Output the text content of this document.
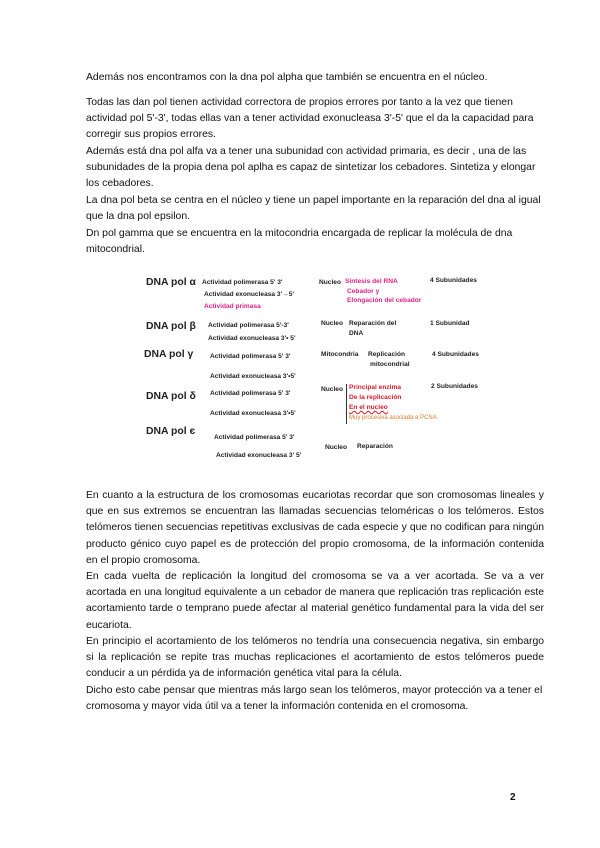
Además nos encontramos con la dna pol alpha que también se encuentra en el núcleo.

Todas las dan pol tienen actividad correctora de propios errores por tanto a la vez que tienen actividad pol 5'-3', todas ellas van a tener actividad exonucleasa 3'-5' que el da la capacidad para corregir sus propios errores.

Además está dna pol alfa va a tener una subunidad con actividad primaria, es decir , una de las subunidades de la propia dena pol aplha es capaz de sintetizar los cebadores. Sintetiza y elongar los cebadores.

La dna pol beta se centra en el núcleo y tiene un papel importante en la reparación del dna al igual que la dna pol epsilon.

Dn pol gamma que se encuentra en la mitocondria encargada de replicar la molécula de dna mitocondrial.

DNA pol α Actividad polimerasa 5' 3'
Actividad exonucleasa 3'→5'
Actividad primasa
Nucleo Sintesis del RNA
Cebador y
Elongación del cebador
4 Subunidades
DNA pol β Actividad polimerasa 5'-3'
Actividad exonucleasa 3'• 5'
Nucleo Reparación del
DNA
1 Subunidad
DNA pol γ	Actividad polimerasa 5' 3'
Actividad exonucleasa 3'•5'
Mitocondria Replicación
mitocondrial
4 Subunidades
DNA pol δ Actividad polimerasa 5' 3'
Actividad exonucleasa 3'•5'
Nucleo Principal enzima
De la replicación
En el nucleo
Muy procesiva asociada a PCNA
2 Subunidades
DNA pol є
Actividad polimerasa 5' 3'
Actividad exonucleasa 3' 5'
Nucleo Reparación

En cuanto a la estructura de los cromosomas eucariotas recordar que son cromosomas lineales y que en sus extremos se encuentran las llamadas secuencias teloméricas o los telómeros. Estos telómeros tienen secuencias repetitivas exclusivas de cada especie y que no codifican para ningún producto génico cuyo papel es de protección del propio cromosoma, de la información contenida en el propio cromosoma.

En cada vuelta de replicación la longitud del cromosoma se va a ver acortada. Se va a ver acortada en una longitud equivalente a un cebador de manera que replicación tras replicación este acortamiento tarde o temprano puede afectar al material genético fundamental para la vida del ser eucariota.

En principio el acortamiento de los telómeros no tendría una consecuencia negativa, sin embargo si la replicación se repite tras muchas replicaciones el acortamiento de estos telómeros puede conducir a un pérdida ya de información genética vital para la célula.

Dicho esto cabe pensar que mientras más largo sean los telómeros, mayor protección va a tener el cromosoma y mayor vida útil va a tener la información contenida en el cromosoma.

2
